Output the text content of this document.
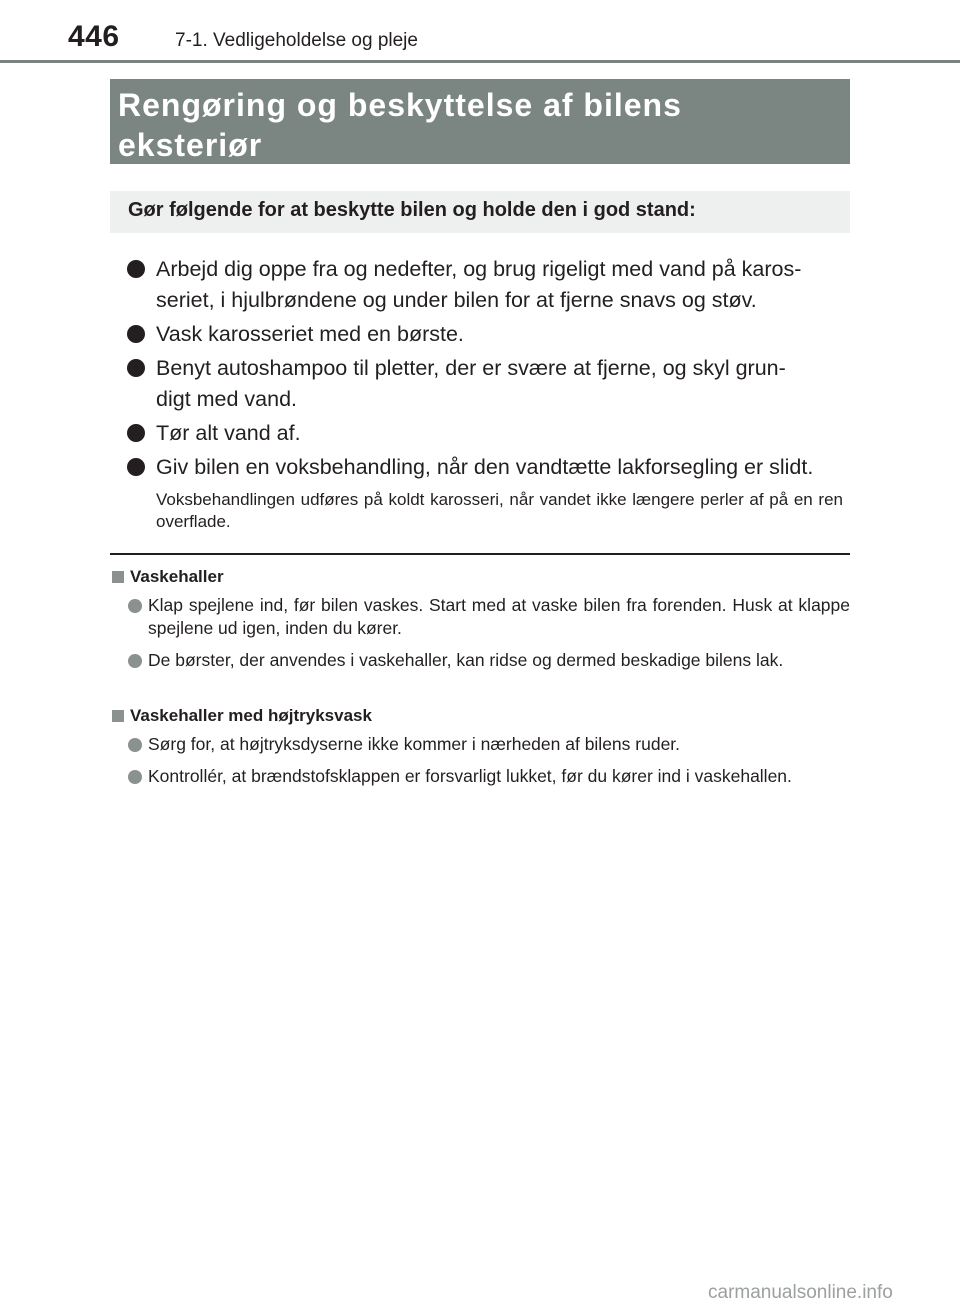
446	7-1. Vedligeholdelse og pleje

Rengøring og beskyttelse af bilens
eksteriør

Gør følgende for at beskytte bilen og holde den i god stand:

Arbejd dig oppe fra og nedefter, og brug rigeligt med vand på karos-
seriet, i hjulbrøndene og under bilen for at fjerne snavs og støv.
Vask karosseriet med en børste.
Benyt autoshampoo til pletter, der er svære at fjerne, og skyl grun-
digt med vand.
Tør alt vand af.
Giv bilen en voksbehandling, når den vandtætte lakforsegling er slidt.
Voksbehandlingen udføres på koldt karosseri, når vandet ikke længere perler af på en ren overflade.
Vaskehaller
Klap spejlene ind, før bilen vaskes. Start med at vaske bilen fra forenden. Husk at klappe spejlene ud igen, inden du kører.
De børster, der anvendes i vaskehaller, kan ridse og dermed beskadige bilens lak.
Vaskehaller med højtryksvask
Sørg for, at højtryksdyserne ikke kommer i nærheden af bilens ruder.
Kontrollér, at brændstofsklappen er forsvarligt lukket, før du kører ind i vaskehallen.
carmanualsonline.info
